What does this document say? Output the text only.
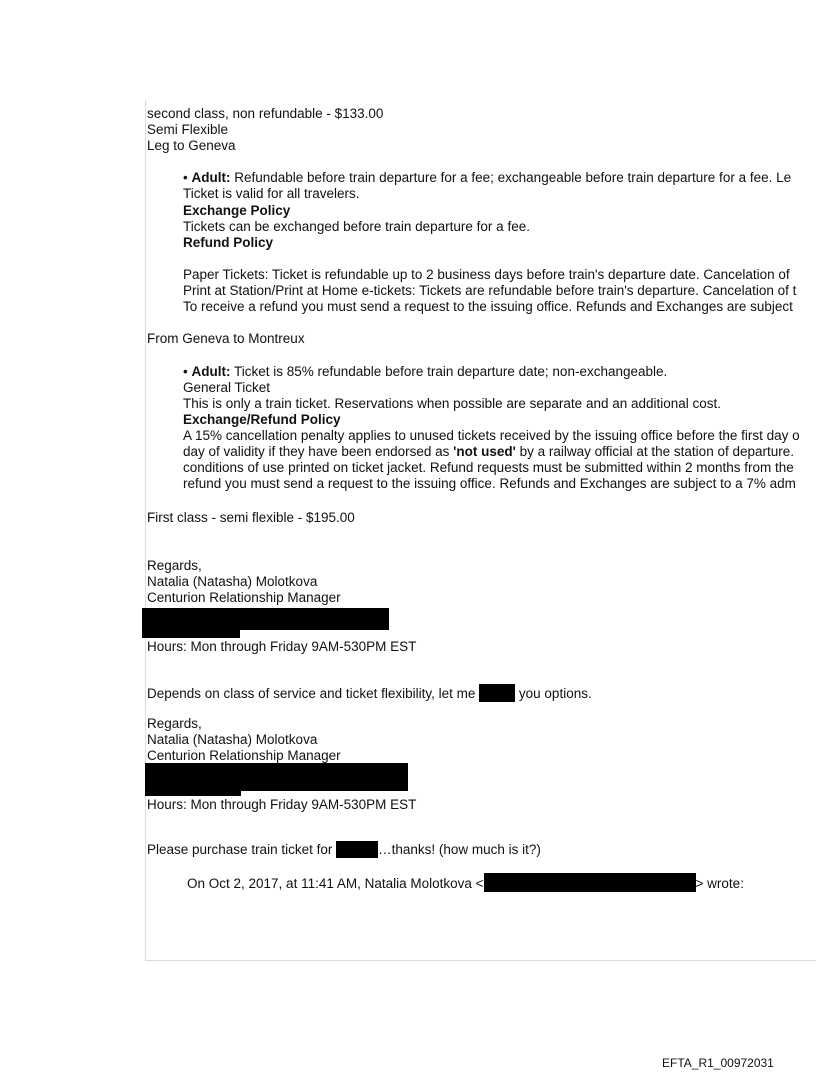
second class, non refundable - $133.00
Semi Flexible
Leg to Geneva
• Adult: Refundable before train departure for a fee; exchangeable before train departure for a fee. Le
Ticket is valid for all travelers.
Exchange Policy
Tickets can be exchanged before train departure for a fee.
Refund Policy
Paper Tickets: Ticket is refundable up to 2 business days before train's departure date. Cancelation of
Print at Station/Print at Home e-tickets: Tickets are refundable before train's departure. Cancelation of t
To receive a refund you must send a request to the issuing office. Refunds and Exchanges are subject
From Geneva to Montreux
• Adult: Ticket is 85% refundable before train departure date; non-exchangeable.
General Ticket
This is only a train ticket. Reservations when possible are separate and an additional cost.
Exchange/Refund Policy
A 15% cancellation penalty applies to unused tickets received by the issuing office before the first day o
day of validity if they have been endorsed as 'not used' by a railway official at the station of departure.
conditions of use printed on ticket jacket. Refund requests must be submitted within 2 months from the
refund you must send a request to the issuing office. Refunds and Exchanges are subject to a 7% adm
First class - semi flexible - $195.00
Regards,
Natalia (Natasha) Molotkova
Centurion Relationship Manager
Hours: Mon through Friday 9AM-530PM EST
Depends on class of service and ticket flexibility, let me	you options.
Regards,
Natalia (Natasha) Molotkova
Centurion Relationship Manager
Hours: Mon through Friday 9AM-530PM EST
Please purchase train ticket for	…thanks! (how much is it?)
On Oct 2, 2017, at 11:41 AM, Natalia Molotkova <	> wrote:
EFTA_R1_00972031
